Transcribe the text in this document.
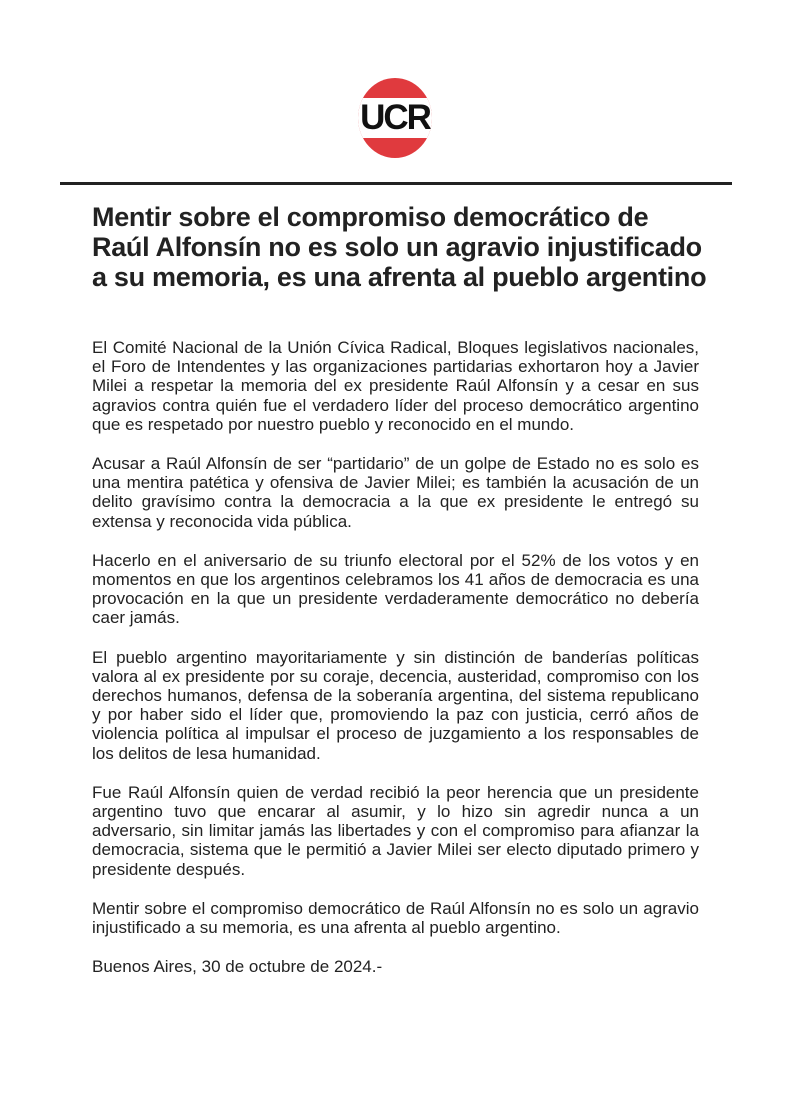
UCR
Mentir sobre el compromiso democrático de Raúl Alfonsín no es solo un agravio injustificado a su memoria, es una afrenta al pueblo argentino

El Comité Nacional de la Unión Cívica Radical, Bloques legislativos nacionales, el Foro de Intendentes y las organizaciones partidarias exhortaron hoy a Javier Milei a respetar la memoria del ex presidente Raúl Alfonsín y a cesar en sus agravios contra quién fue el verdadero líder del proceso democrático argentino que es respetado por nuestro pueblo y reconocido en el mundo.

Acusar a Raúl Alfonsín de ser “partidario” de un golpe de Estado no es solo es una mentira patética y ofensiva de Javier Milei; es también la acusación de un delito gravísimo contra la democracia a la que ex presidente le entregó su extensa y reconocida vida pública.

Hacerlo en el aniversario de su triunfo electoral por el 52% de los votos y en momentos en que los argentinos celebramos los 41 años de democracia es una provocación en la que un presidente verdaderamente democrático no debería caer jamás.

El pueblo argentino mayoritariamente y sin distinción de banderías políticas valora al ex presidente por su coraje, decencia, austeridad, compromiso con los derechos humanos, defensa de la soberanía argentina, del sistema republicano y por haber sido el líder que, promoviendo la paz con justicia, cerró años de violencia política al impulsar el proceso de juzgamiento a los responsables de los delitos de lesa humanidad.

Fue Raúl Alfonsín quien de verdad recibió la peor herencia que un presidente argentino tuvo que encarar al asumir, y lo hizo sin agredir nunca a un adversario, sin limitar jamás las libertades y con el compromiso para afianzar la democracia, sistema que le permitió a Javier Milei ser electo diputado primero y presidente después.

Mentir sobre el compromiso democrático de Raúl Alfonsín no es solo un agravio injustificado a su memoria, es una afrenta al pueblo argentino.

Buenos Aires, 30 de octubre de 2024.-
